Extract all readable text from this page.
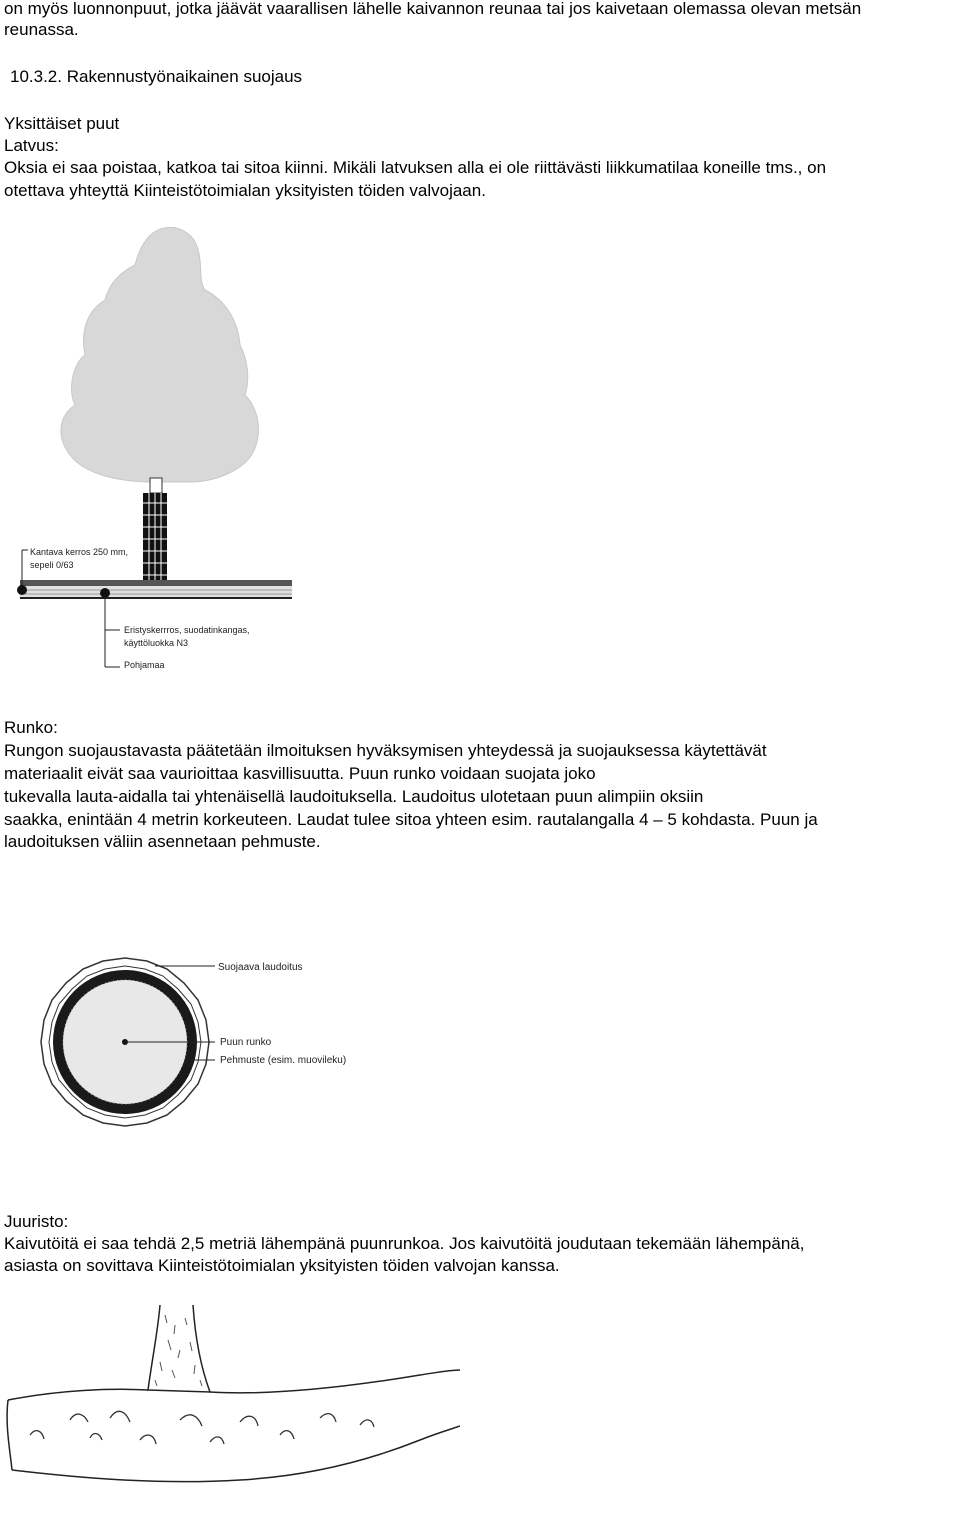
on myös luonnonpuut, jotka jäävät vaarallisen lähelle kaivannon reunaa tai jos kaivetaan olemassa olevan metsän
reunassa.
10.3.2. Rakennustyönaikainen suojaus
Yksittäiset puut
Latvus:
Oksia ei saa poistaa, katkoa tai sitoa kiinni. Mikäli latvuksen alla ei ole riittävästi liikkumatilaa koneille tms., on
otettava yhteyttä Kiinteistötoimialan yksityisten töiden valvojaan.
Kantava kerros 250 mm,
sepeli 0/63
Eristyskerrros, suodatinkangas,
käyttöluokka N3
Pohjamaa
Runko:
Rungon suojaustavasta päätetään ilmoituksen hyväksymisen yhteydessä ja suojauksessa käytettävät
materiaalit eivät saa vaurioittaa kasvillisuutta. Puun runko voidaan suojata joko
tukevalla lauta-aidalla tai yhtenäisellä laudoituksella. Laudoitus ulotetaan puun alimpiin oksiin
saakka, enintään 4 metrin korkeuteen. Laudat tulee sitoa yhteen esim. rautalangalla 4 – 5 kohdasta. Puun ja
laudoituksen väliin asennetaan pehmuste.
Suojaava laudoitus
Puun runko
Pehmuste (esim. muovileku)
Juuristo:
Kaivutöitä ei saa tehdä 2,5 metriä lähempänä puunrunkoa. Jos kaivutöitä joudutaan tekemään lähempänä,
asiasta on sovittava Kiinteistötoimialan yksityisten töiden valvojan kanssa.
